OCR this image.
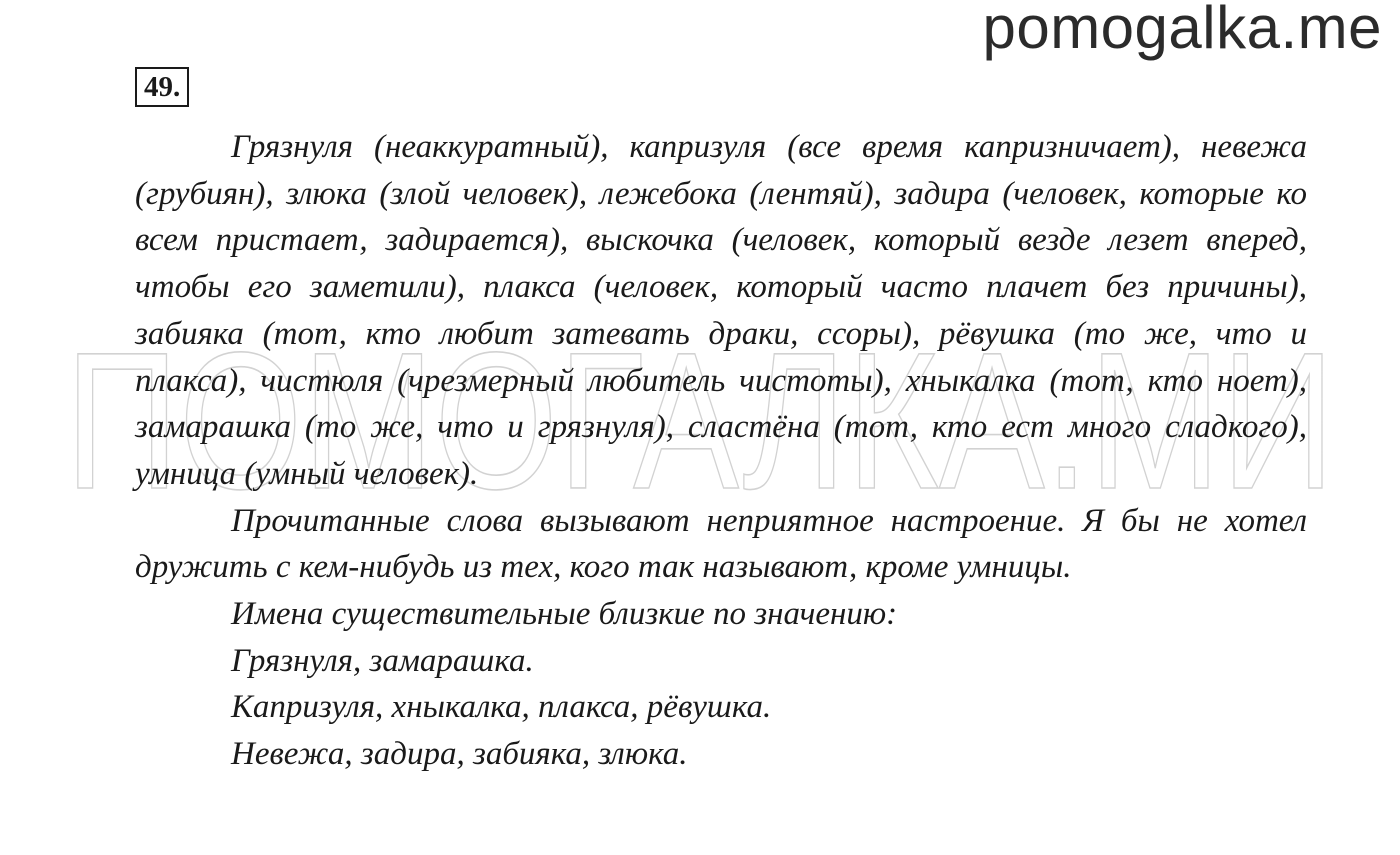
pomogalka.me
ПОМОГАЛКА.МИ
49.

Грязнуля (неаккуратный), капризуля (все время капризничает), невежа (грубиян), злюка (злой человек), лежебока (лентяй), задира (человек, которые ко всем пристает, задирается), выскочка (человек, который везде лезет вперед, чтобы его заметили), плакса (человек, который часто плачет без причины), забияка (тот, кто любит затевать драки, ссоры), рёвушка (то же, что и плакса), чистюля (чрезмерный любитель чистоты), хныкалка (тот, кто ноет), замарашка (то же, что и грязнуля), сластёна (тот, кто ест много сладкого), умница (умный человек).

Прочитанные слова вызывают неприятное настроение. Я бы не хотел дружить с кем-нибудь из тех, кого так называют, кроме умницы.

Имена существительные близкие по значению:

Грязнуля, замарашка.

Капризуля, хныкалка, плакса, рёвушка.

Невежа, задира, забияка, злюка.
